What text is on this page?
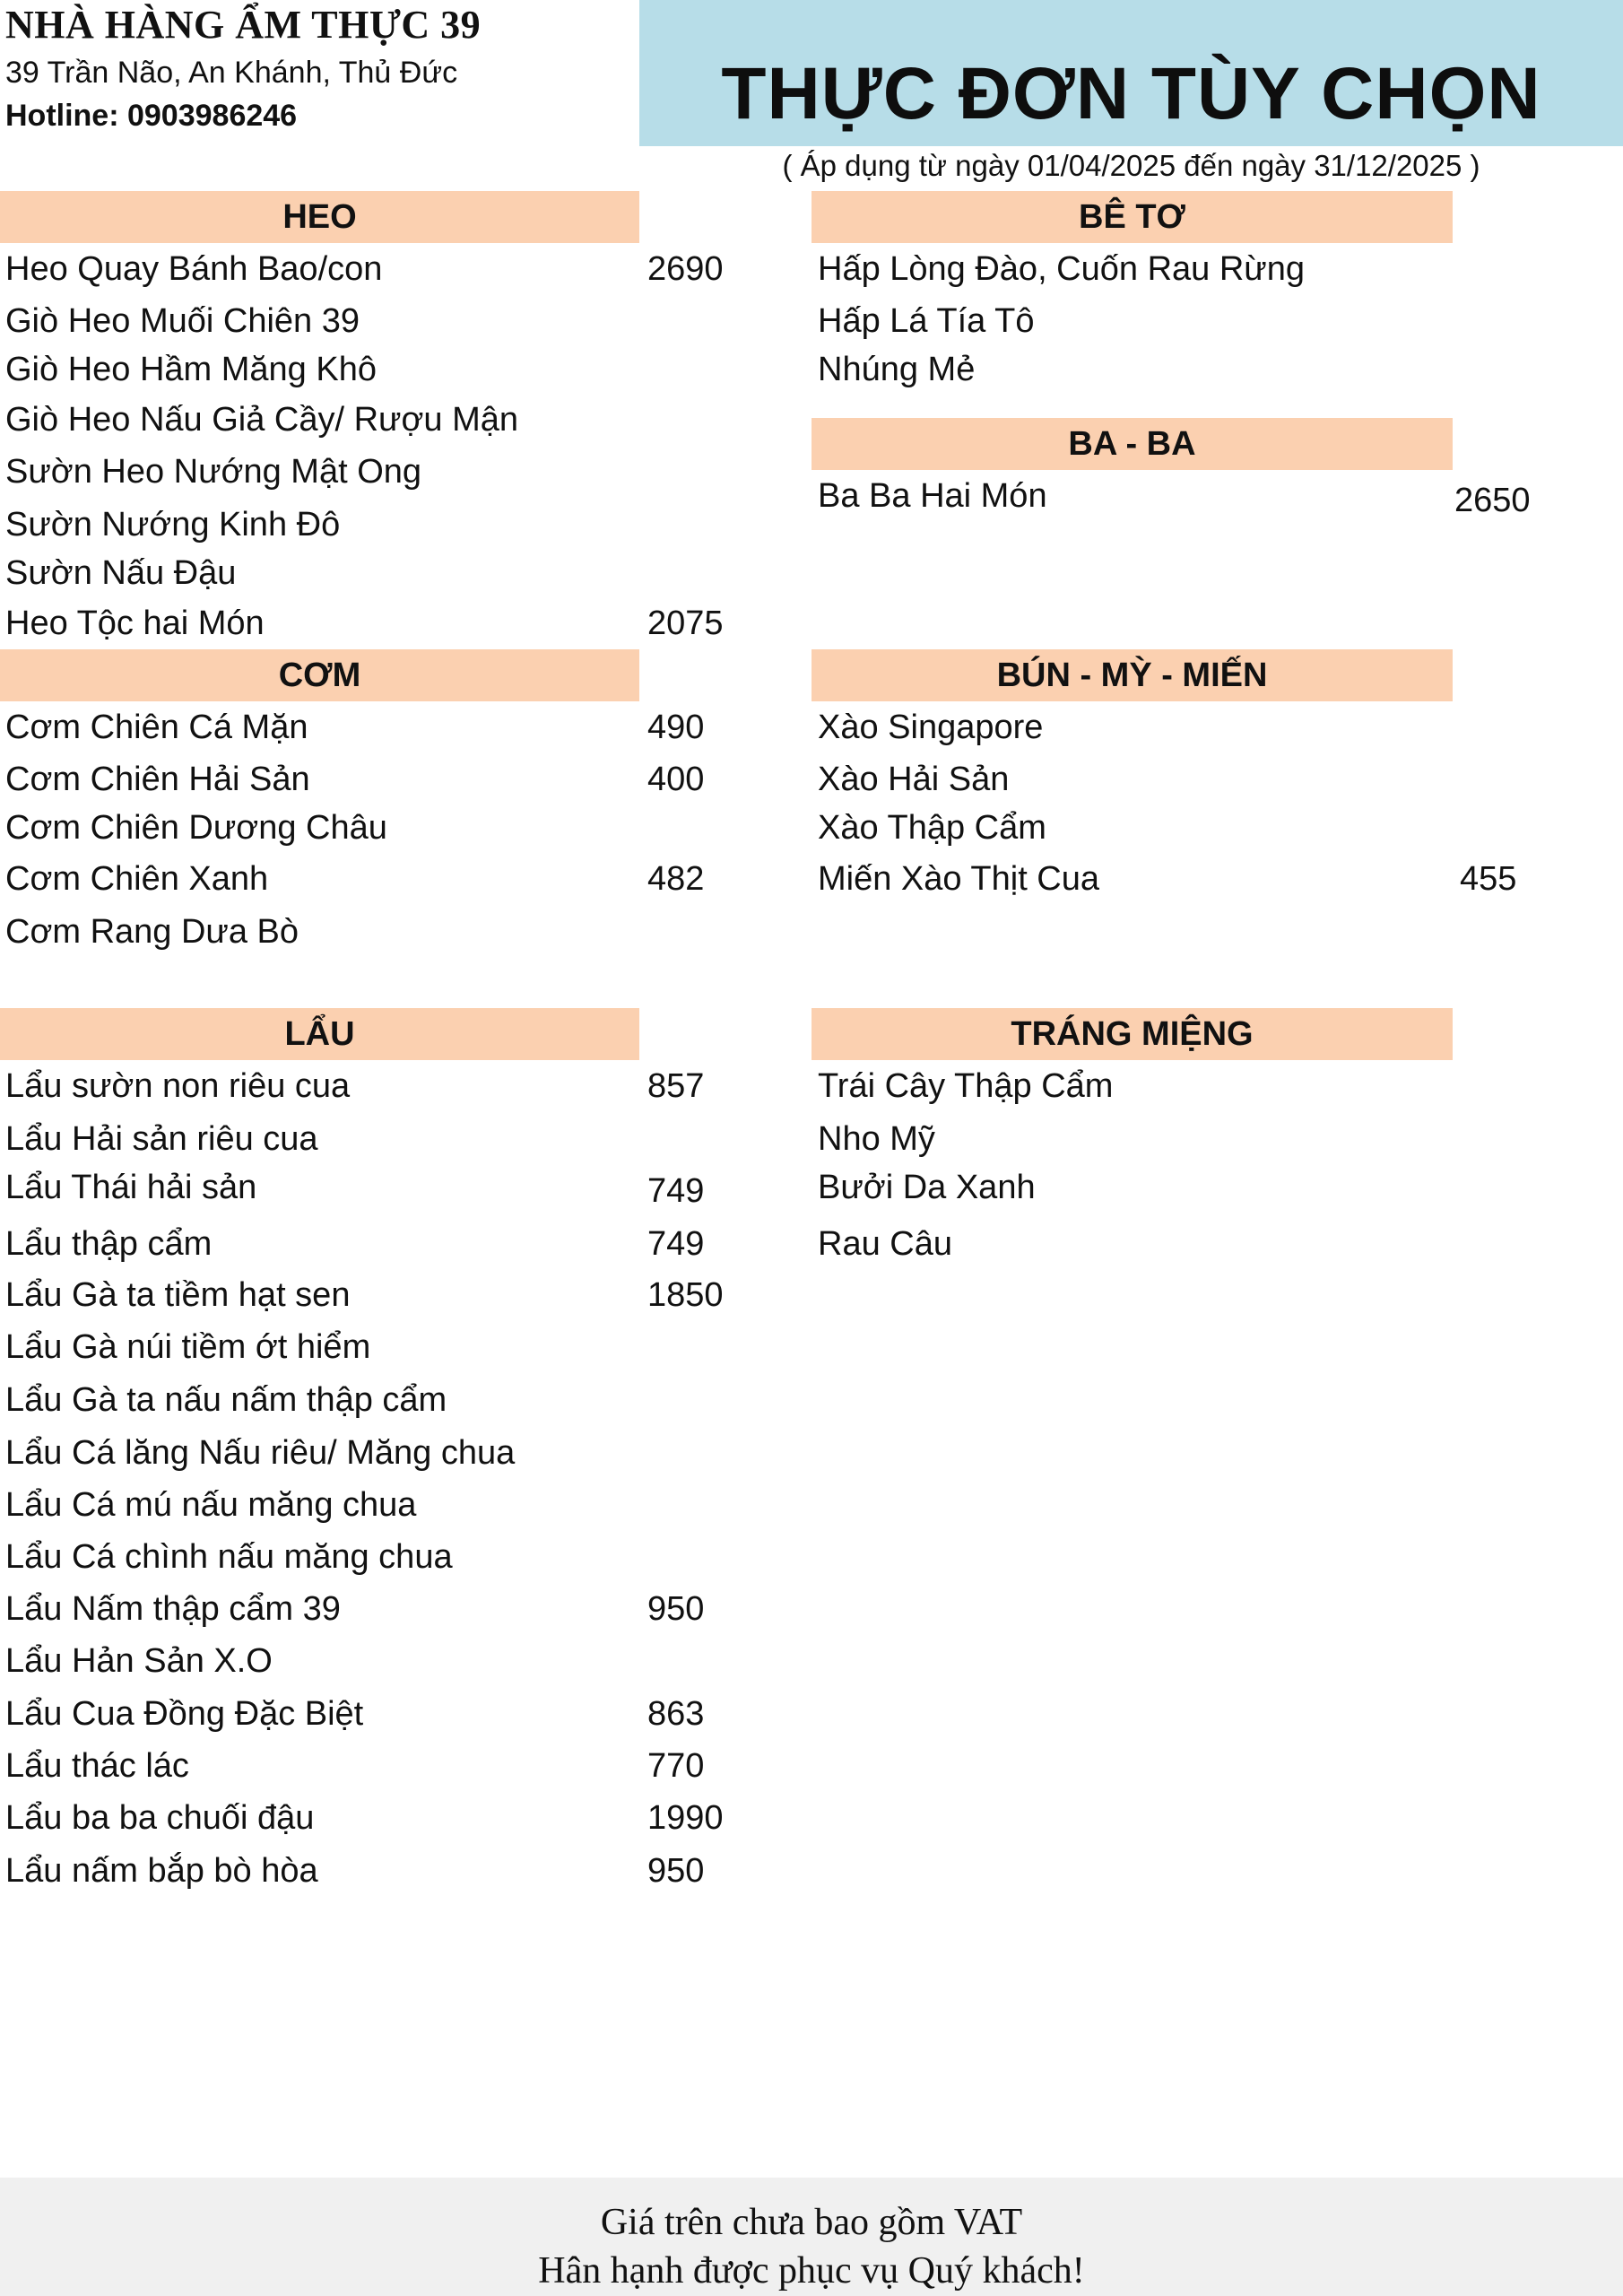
NHÀ HÀNG ẨM THỰC 39
39 Trần Não, An Khánh, Thủ Đức
Hotline: 0903986246	THỰC ĐƠN TÙY CHỌN
( Áp dụng từ ngày 01/04/2025 đến ngày 31/12/2025 )
HEO
Heo Quay Bánh Bao/con	2690
Giò Heo Muối Chiên 39
Giò Heo Hầm Măng Khô
Giò Heo Nấu Giả Cầy/ Rượu Mận
Sườn Heo Nướng Mật Ong
Sườn Nướng Kinh Đô
Sườn Nấu Đậu
Heo Tộc hai Món	2075
BÊ TƠ
Hấp Lòng Đào, Cuốn Rau Rừng
Hấp Lá Tía Tô
Nhúng Mẻ
BA - BA
Ba Ba Hai Món	2650
CƠM
Cơm Chiên Cá Mặn	490
Cơm Chiên Hải Sản	400
Cơm Chiên Dương Châu
Cơm Chiên Xanh	482
Cơm Rang Dưa Bò
BÚN - MỲ - MIẾN
Xào Singapore
Xào Hải Sản
Xào Thập Cẩm
Miến Xào Thịt Cua	455
LẨU
Lẩu sườn non riêu cua	857
Lẩu Hải sản riêu cua
Lẩu Thái hải sản	749
Lẩu thập cẩm	749
Lẩu Gà ta tiềm hạt sen	1850
Lẩu Gà núi tiềm ớt hiểm
Lẩu Gà ta nấu nấm thập cẩm
Lẩu Cá lăng Nấu riêu/ Măng chua
Lẩu Cá mú nấu măng chua
Lẩu Cá chình nấu măng chua
Lẩu Nấm thập cẩm 39	950
Lẩu Hản Sản X.O
Lẩu Cua Đồng Đặc Biệt	863
Lẩu thác lác	770
Lẩu ba ba chuối đậu	1990
Lẩu nấm bắp bò hòa	950
TRÁNG MIỆNG
Trái Cây Thập Cẩm
Nho Mỹ
Bưởi Da Xanh
Rau Câu
Giá trên chưa bao gồm VAT
Hân hạnh được phục vụ Quý khách!
